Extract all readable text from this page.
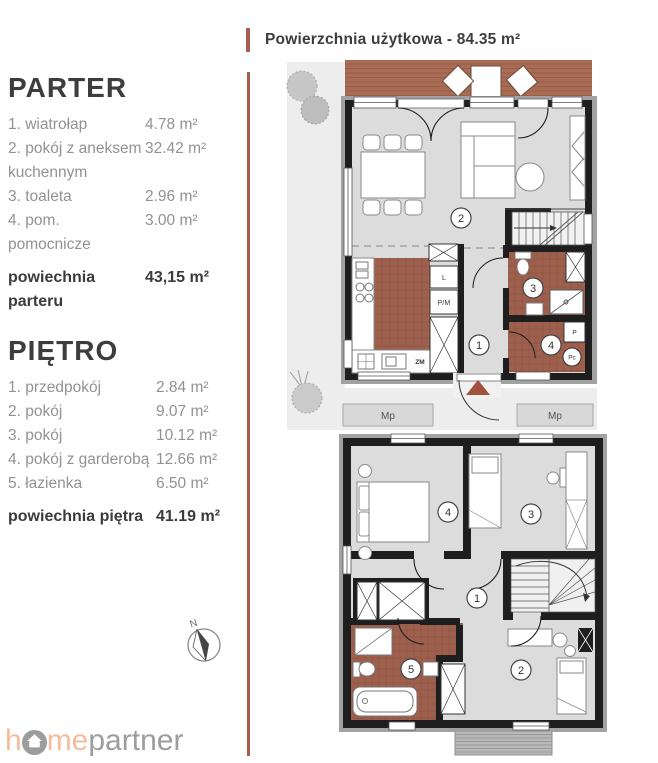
Powierzchnia użytkowa - 84.35 m²
PARTER
1. wiatrołap	4.78 m²
2. pokój z aneksem kuchennym
32.42 m²
3. toaleta	2.96 m²
4. pom. pomocnicze
3.00 m²
powiechnia parteru
43,15 m²
PIĘTRO
1. przedpokój	2.84 m²
2. pokój	9.07 m²
3. pokój	10.12 m²
4. pokój z garderobą 12.66 m²
5. łazienka	6.50 m²
powiechnia piętra 41.19 m²
Mp	Mp
ZM
L
P/M
P
Pc
2
1
3
4
1
2
3
4
5
N
h me partner
